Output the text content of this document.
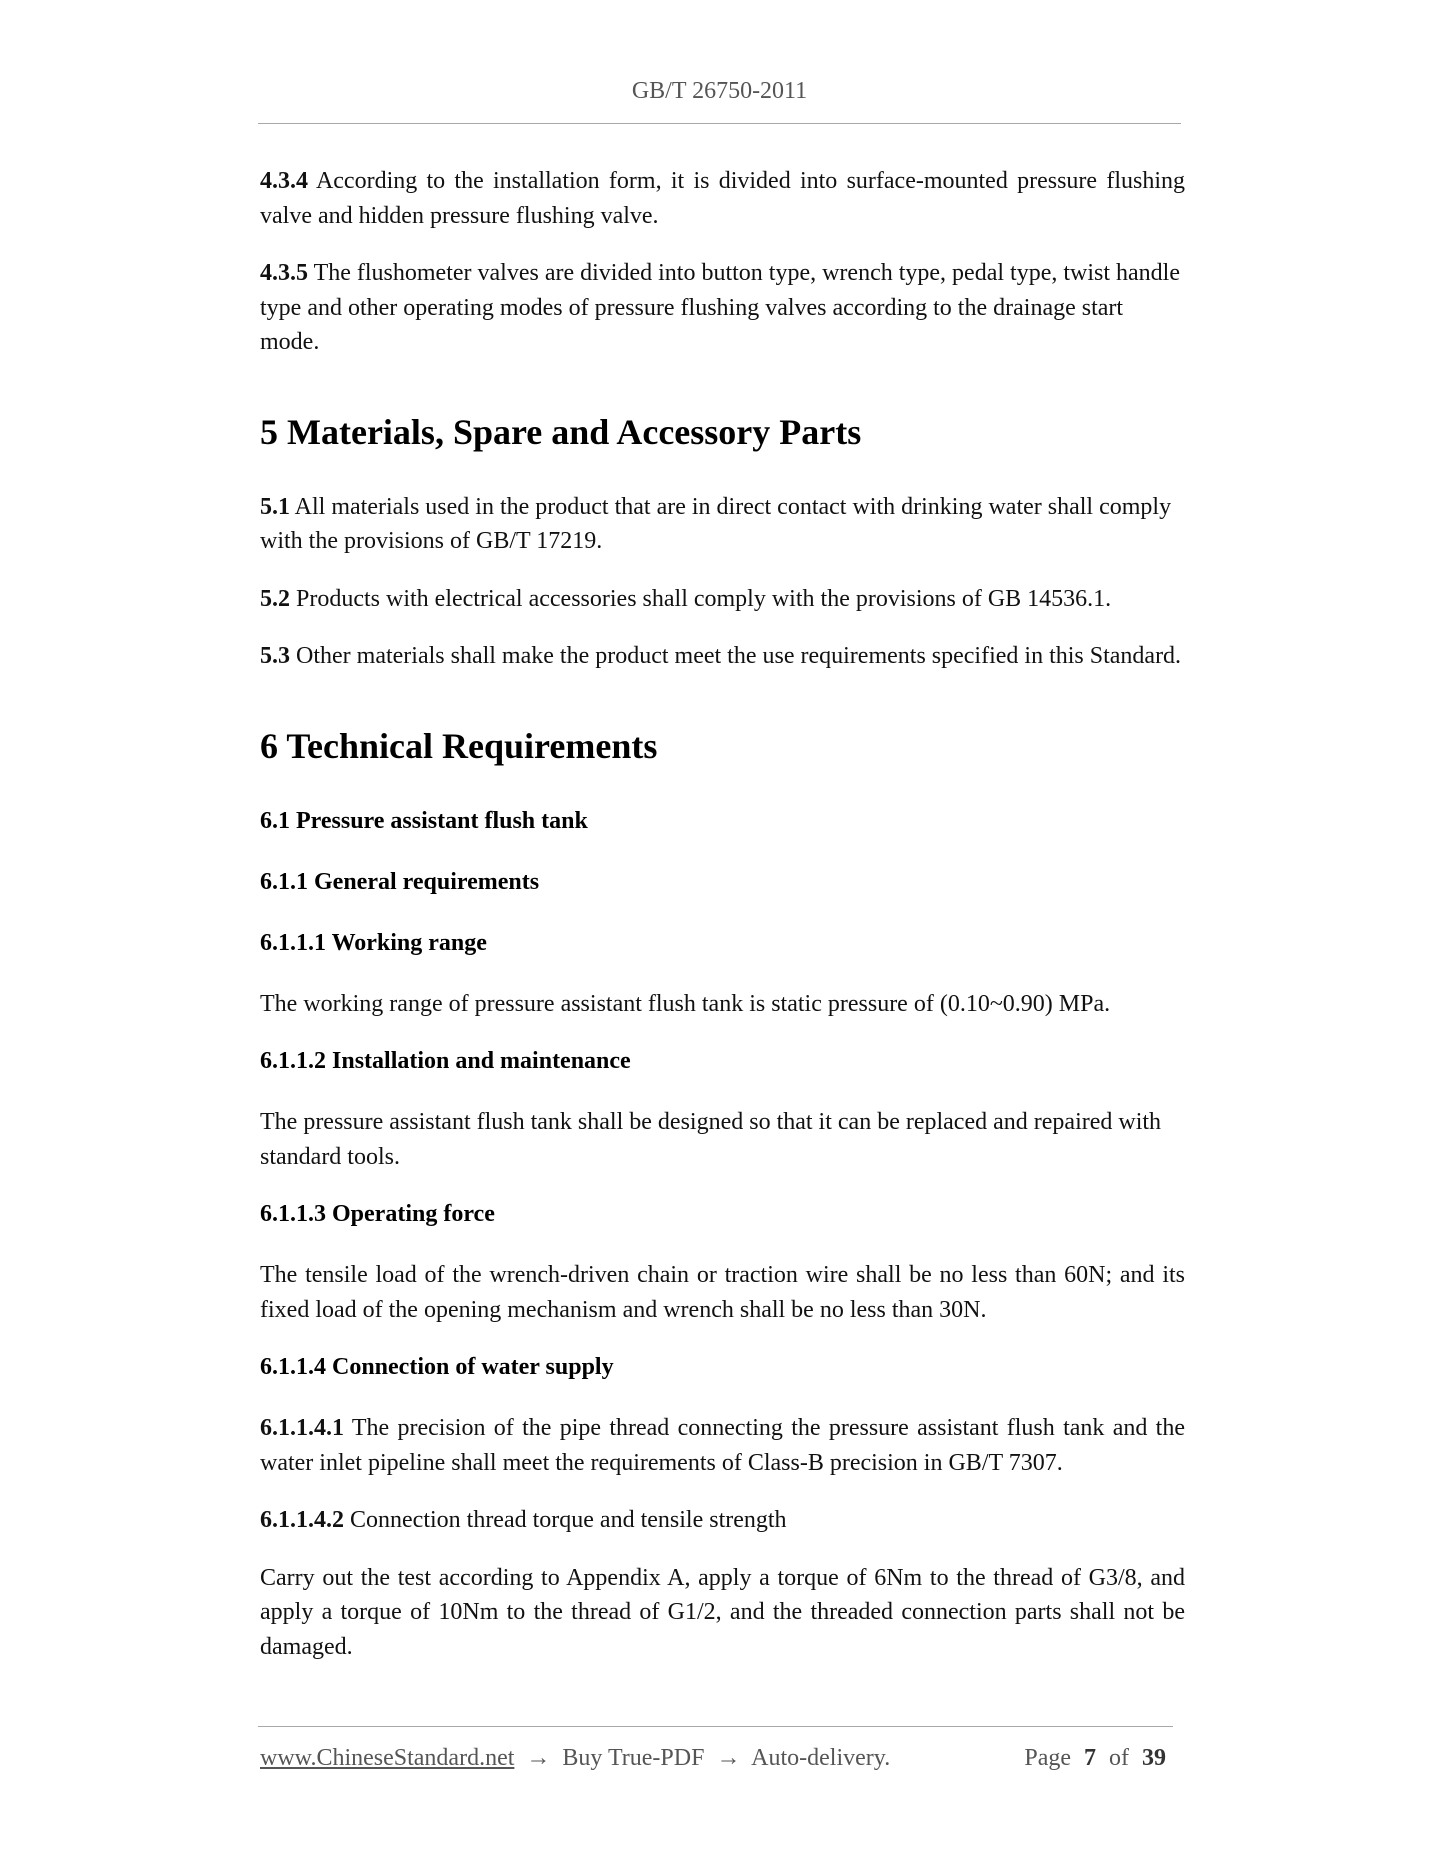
GB/T 26750-2011

4.3.4 According to the installation form, it is divided into surface-mounted pressure flushing valve and hidden pressure flushing valve.

4.3.5 The flushometer valves are divided into button type, wrench type, pedal type, twist handle type and other operating modes of pressure flushing valves according to the drainage start mode.

5 Materials, Spare and Accessory Parts

5.1 All materials used in the product that are in direct contact with drinking water shall comply with the provisions of GB/T 17219.

5.2 Products with electrical accessories shall comply with the provisions of GB 14536.1.

5.3 Other materials shall make the product meet the use requirements specified in this Standard.

6 Technical Requirements
6.1 Pressure assistant flush tank
6.1.1 General requirements
6.1.1.1 Working range

The working range of pressure assistant flush tank is static pressure of (0.10~0.90) MPa.

6.1.1.2 Installation and maintenance

The pressure assistant flush tank shall be designed so that it can be replaced and repaired with standard tools.

6.1.1.3 Operating force

The tensile load of the wrench-driven chain or traction wire shall be no less than 60N; and its fixed load of the opening mechanism and wrench shall be no less than 30N.

6.1.1.4 Connection of water supply

6.1.1.4.1 The precision of the pipe thread connecting the pressure assistant flush tank and the water inlet pipeline shall meet the requirements of Class-B precision in GB/T 7307.

6.1.1.4.2 Connection thread torque and tensile strength

Carry out the test according to Appendix A, apply a torque of 6Nm to the thread of G3/8, and apply a torque of 10Nm to the thread of G1/2, and the threaded connection parts shall not be damaged.

www.ChineseStandard.net → Buy True-PDF → Auto-delivery.	Page 7 of 39
